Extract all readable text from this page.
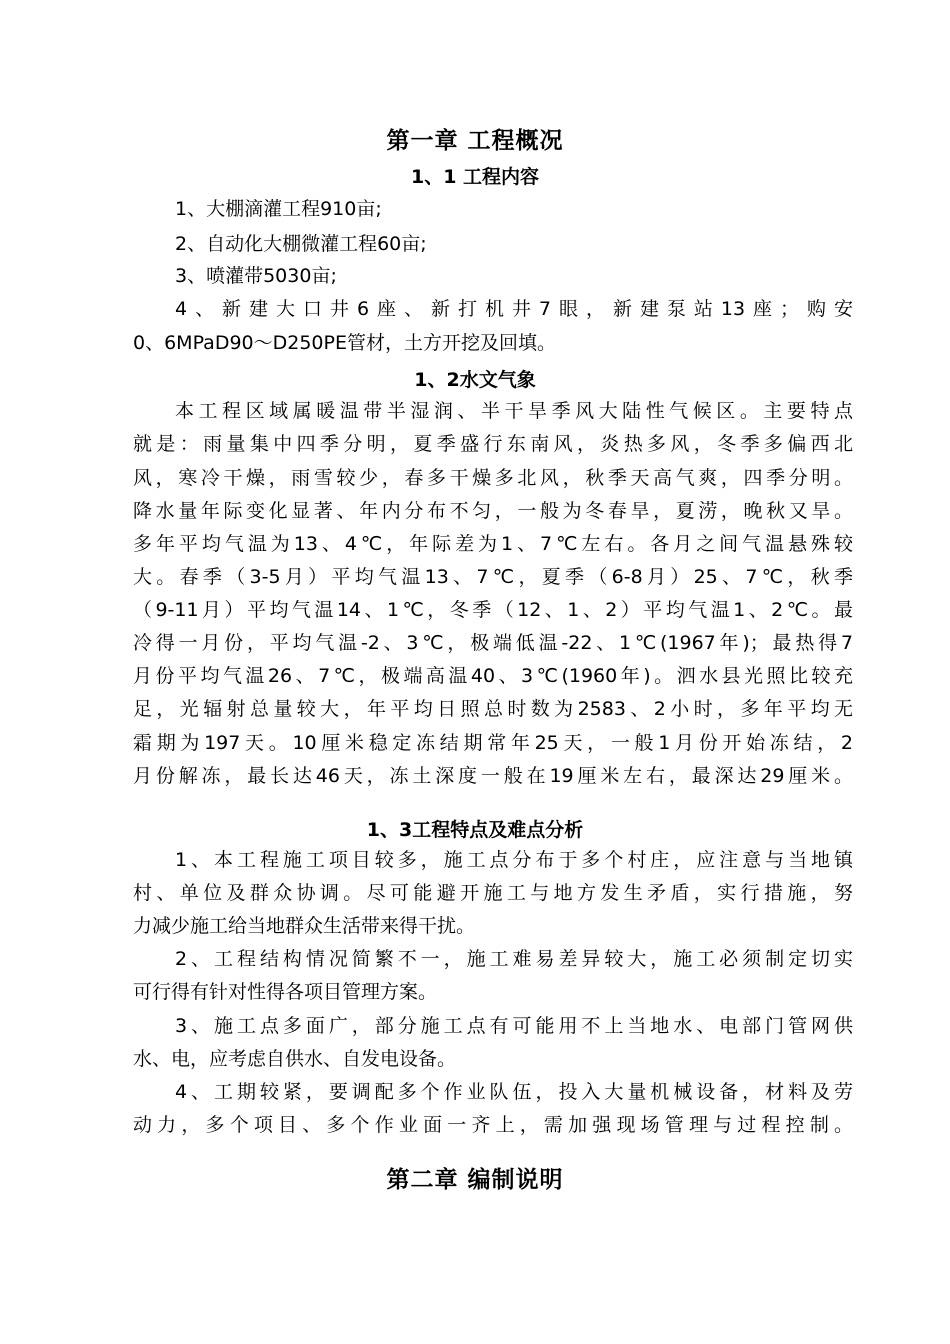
第一章 工程概况
1、1 工程内容
1、大棚滴灌工程910亩;
2、自动化大棚微灌工程60亩;
3、喷灌带5030亩;
4、新建大口井6座、新打机井7眼，新建泵站13座；购安
0、6MPaD90～D250PE管材，土方开挖及回填。
1、2水文气象
本工程区域属暖温带半湿润、半干旱季风大陆性气候区。主要特点
就是：雨量集中四季分明，夏季盛行东南风，炎热多风，冬季多偏西北
风，寒冷干燥，雨雪较少，春多干燥多北风，秋季天高气爽，四季分明。
降水量年际变化显著、年内分布不匀，一般为冬春旱，夏涝，晚秋又旱。
多年平均气温为13、4℃，年际差为1、7℃左右。各月之间气温悬殊较
大。春季（3-5月）平均气温13、7℃，夏季（6-8月）25、7℃，秋季
（9-11月）平均气温14、1℃，冬季（12、1、2）平均气温1、2℃。最
冷得一月份，平均气温-2、3℃，极端低温-22、1℃(1967年)；最热得7
月份平均气温26、7℃，极端高温40、3℃(1960年)。泗水县光照比较充
足，光辐射总量较大，年平均日照总时数为2583、2小时，多年平均无
霜期为197天。10厘米稳定冻结期常年25天，一般1月份开始冻结，2
月份解冻，最长达46天，冻土深度一般在19厘米左右，最深达29厘米。
1、3工程特点及难点分析
1、本工程施工项目较多，施工点分布于多个村庄，应注意与当地镇
村、单位及群众协调。尽可能避开施工与地方发生矛盾，实行措施，努
力减少施工给当地群众生活带来得干扰。
2、工程结构情况简繁不一，施工难易差异较大，施工必须制定切实
可行得有针对性得各项目管理方案。
3、施工点多面广，部分施工点有可能用不上当地水、电部门管网供
水、电，应考虑自供水、自发电设备。
4、工期较紧，要调配多个作业队伍，投入大量机械设备，材料及劳
动力，多个项目、多个作业面一齐上，需加强现场管理与过程控制。
第二章 编制说明
